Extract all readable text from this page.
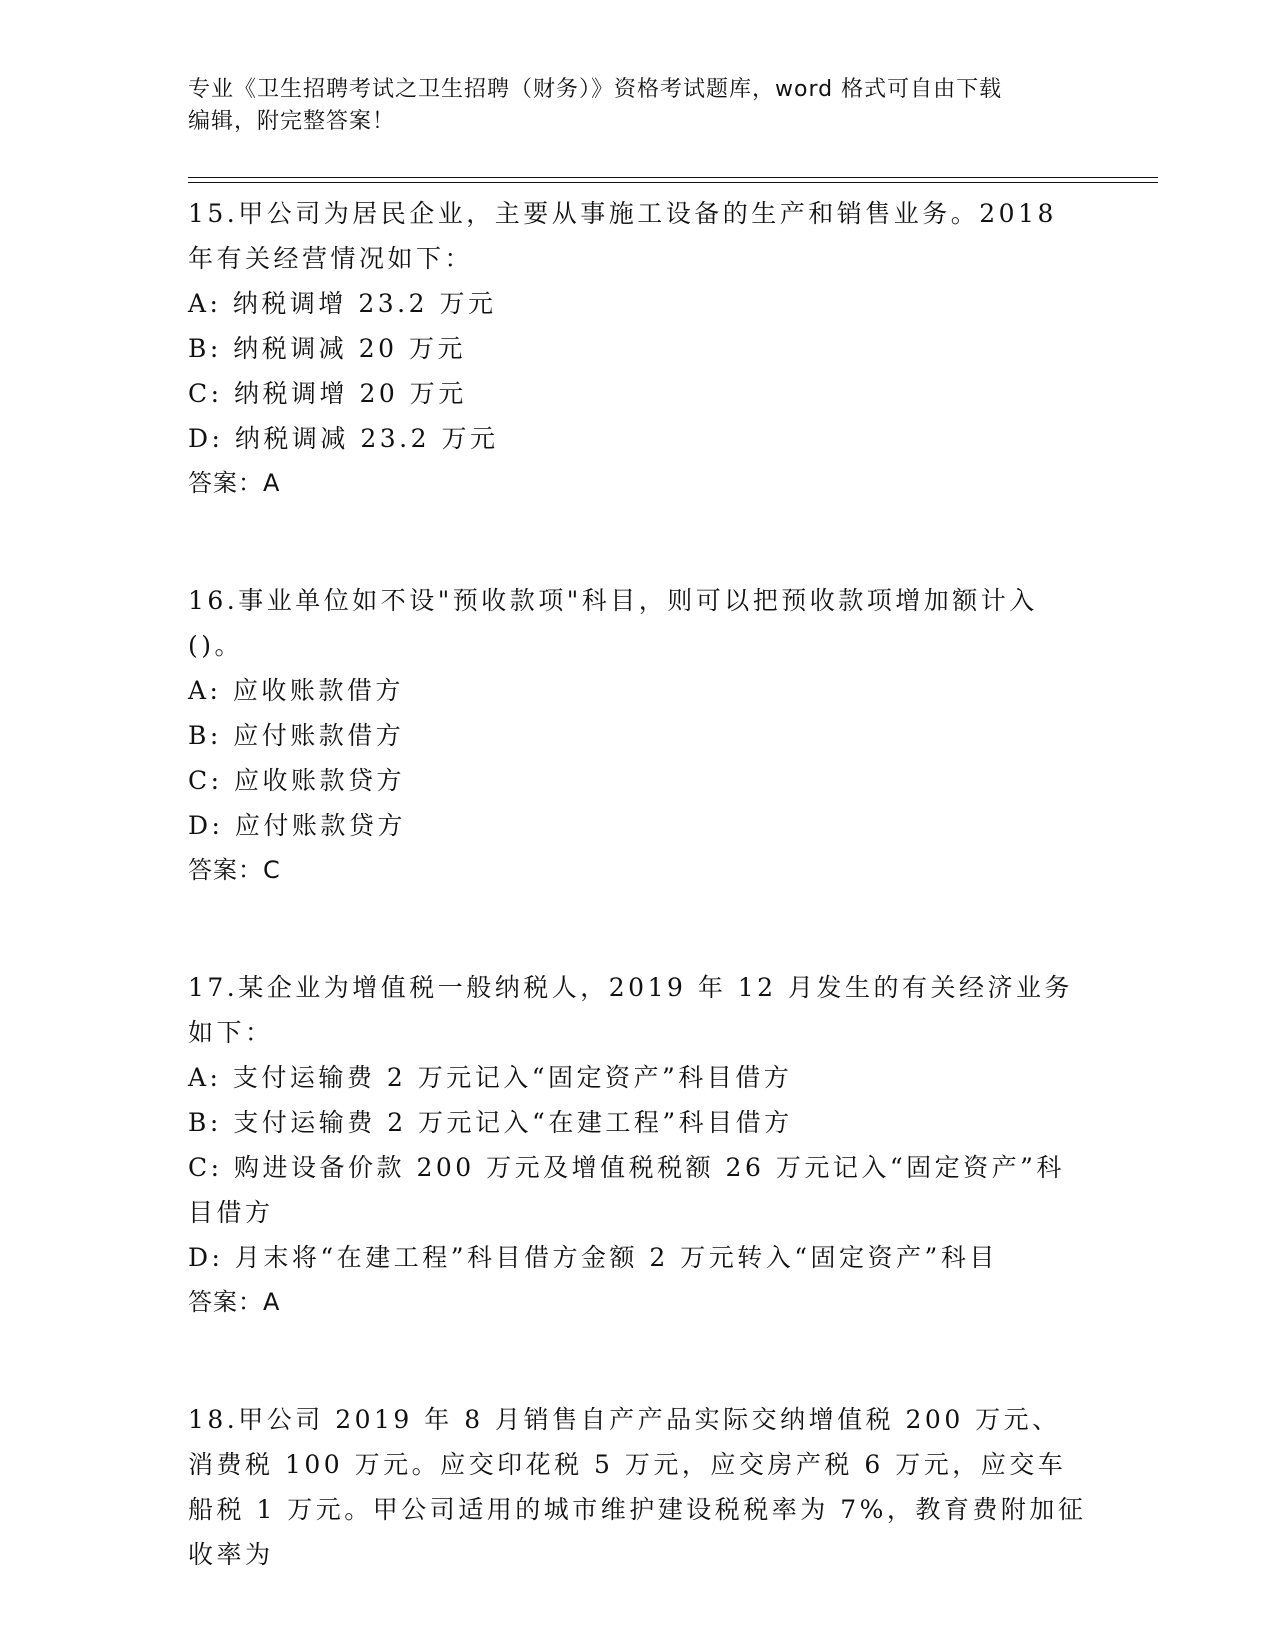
专业《卫生招聘考试之卫生招聘（财务）》资格考试题库，word 格式可自由下载
编辑，附完整答案！

15.甲公司为居民企业，主要从事施工设备的生产和销售业务。2018 年有关经营情况如下：

A: 纳税调增 23.2 万元

B: 纳税调减 20 万元

C: 纳税调增 20 万元

D: 纳税调减 23.2 万元

答案：A

16.事业单位如不设"预收款项"科目，则可以把预收款项增加额计入()。

A: 应收账款借方

B: 应付账款借方

C: 应收账款贷方

D: 应付账款贷方

答案：C

17.某企业为增值税一般纳税人，2019 年 12 月发生的有关经济业务如下：

A: 支付运输费 2 万元记入“固定资产”科目借方

B: 支付运输费 2 万元记入“在建工程”科目借方

C: 购进设备价款 200 万元及增值税税额 26 万元记入“固定资产”科目借方

D: 月末将“在建工程”科目借方金额 2 万元转入“固定资产”科目

答案：A

18.甲公司 2019 年 8 月销售自产产品实际交纳增值税 200 万元、消费税 100 万元。应交印花税 5 万元，应交房产税 6 万元，应交车船税 1 万元。甲公司适用的城市维护建设税税率为 7%，教育费附加征收率为
